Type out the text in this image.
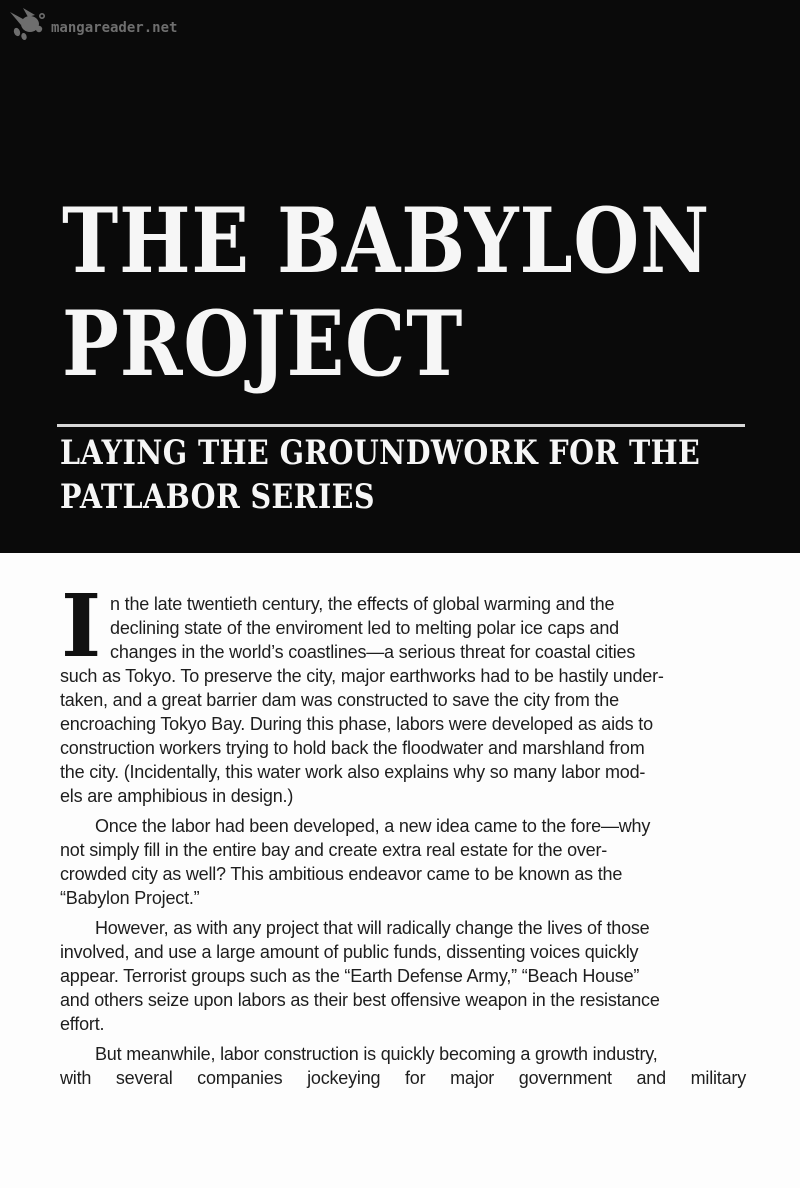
mangareader.net
THE BABYLON
PROJECT
LAYING THE GROUNDWORK FOR THE
PATLABOR SERIES
I n the late twentieth century, the effects of global warming and the
declining state of the enviroment led to melting polar ice caps and
changes in the world’s coastlines—a serious threat for coastal cities
such as Tokyo. To preserve the city, major earthworks had to be hastily under-
taken, and a great barrier dam was constructed to save the city from the
encroaching Tokyo Bay. During this phase, labors were developed as aids to
construction workers trying to hold back the floodwater and marshland from
the city. (Incidentally, this water work also explains why so many labor mod-
els are amphibious in design.)
Once the labor had been developed, a new idea came to the fore—why
not simply fill in the entire bay and create extra real estate for the over-
crowded city as well? This ambitious endeavor came to be known as the
“Babylon Project.”
However, as with any project that will radically change the lives of those
involved, and use a large amount of public funds, dissenting voices quickly
appear. Terrorist groups such as the “Earth Defense Army,” “Beach House”
and others seize upon labors as their best offensive weapon in the resistance
effort.
But meanwhile, labor construction is quickly becoming a growth industry,
with several companies jockeying for major government and military
